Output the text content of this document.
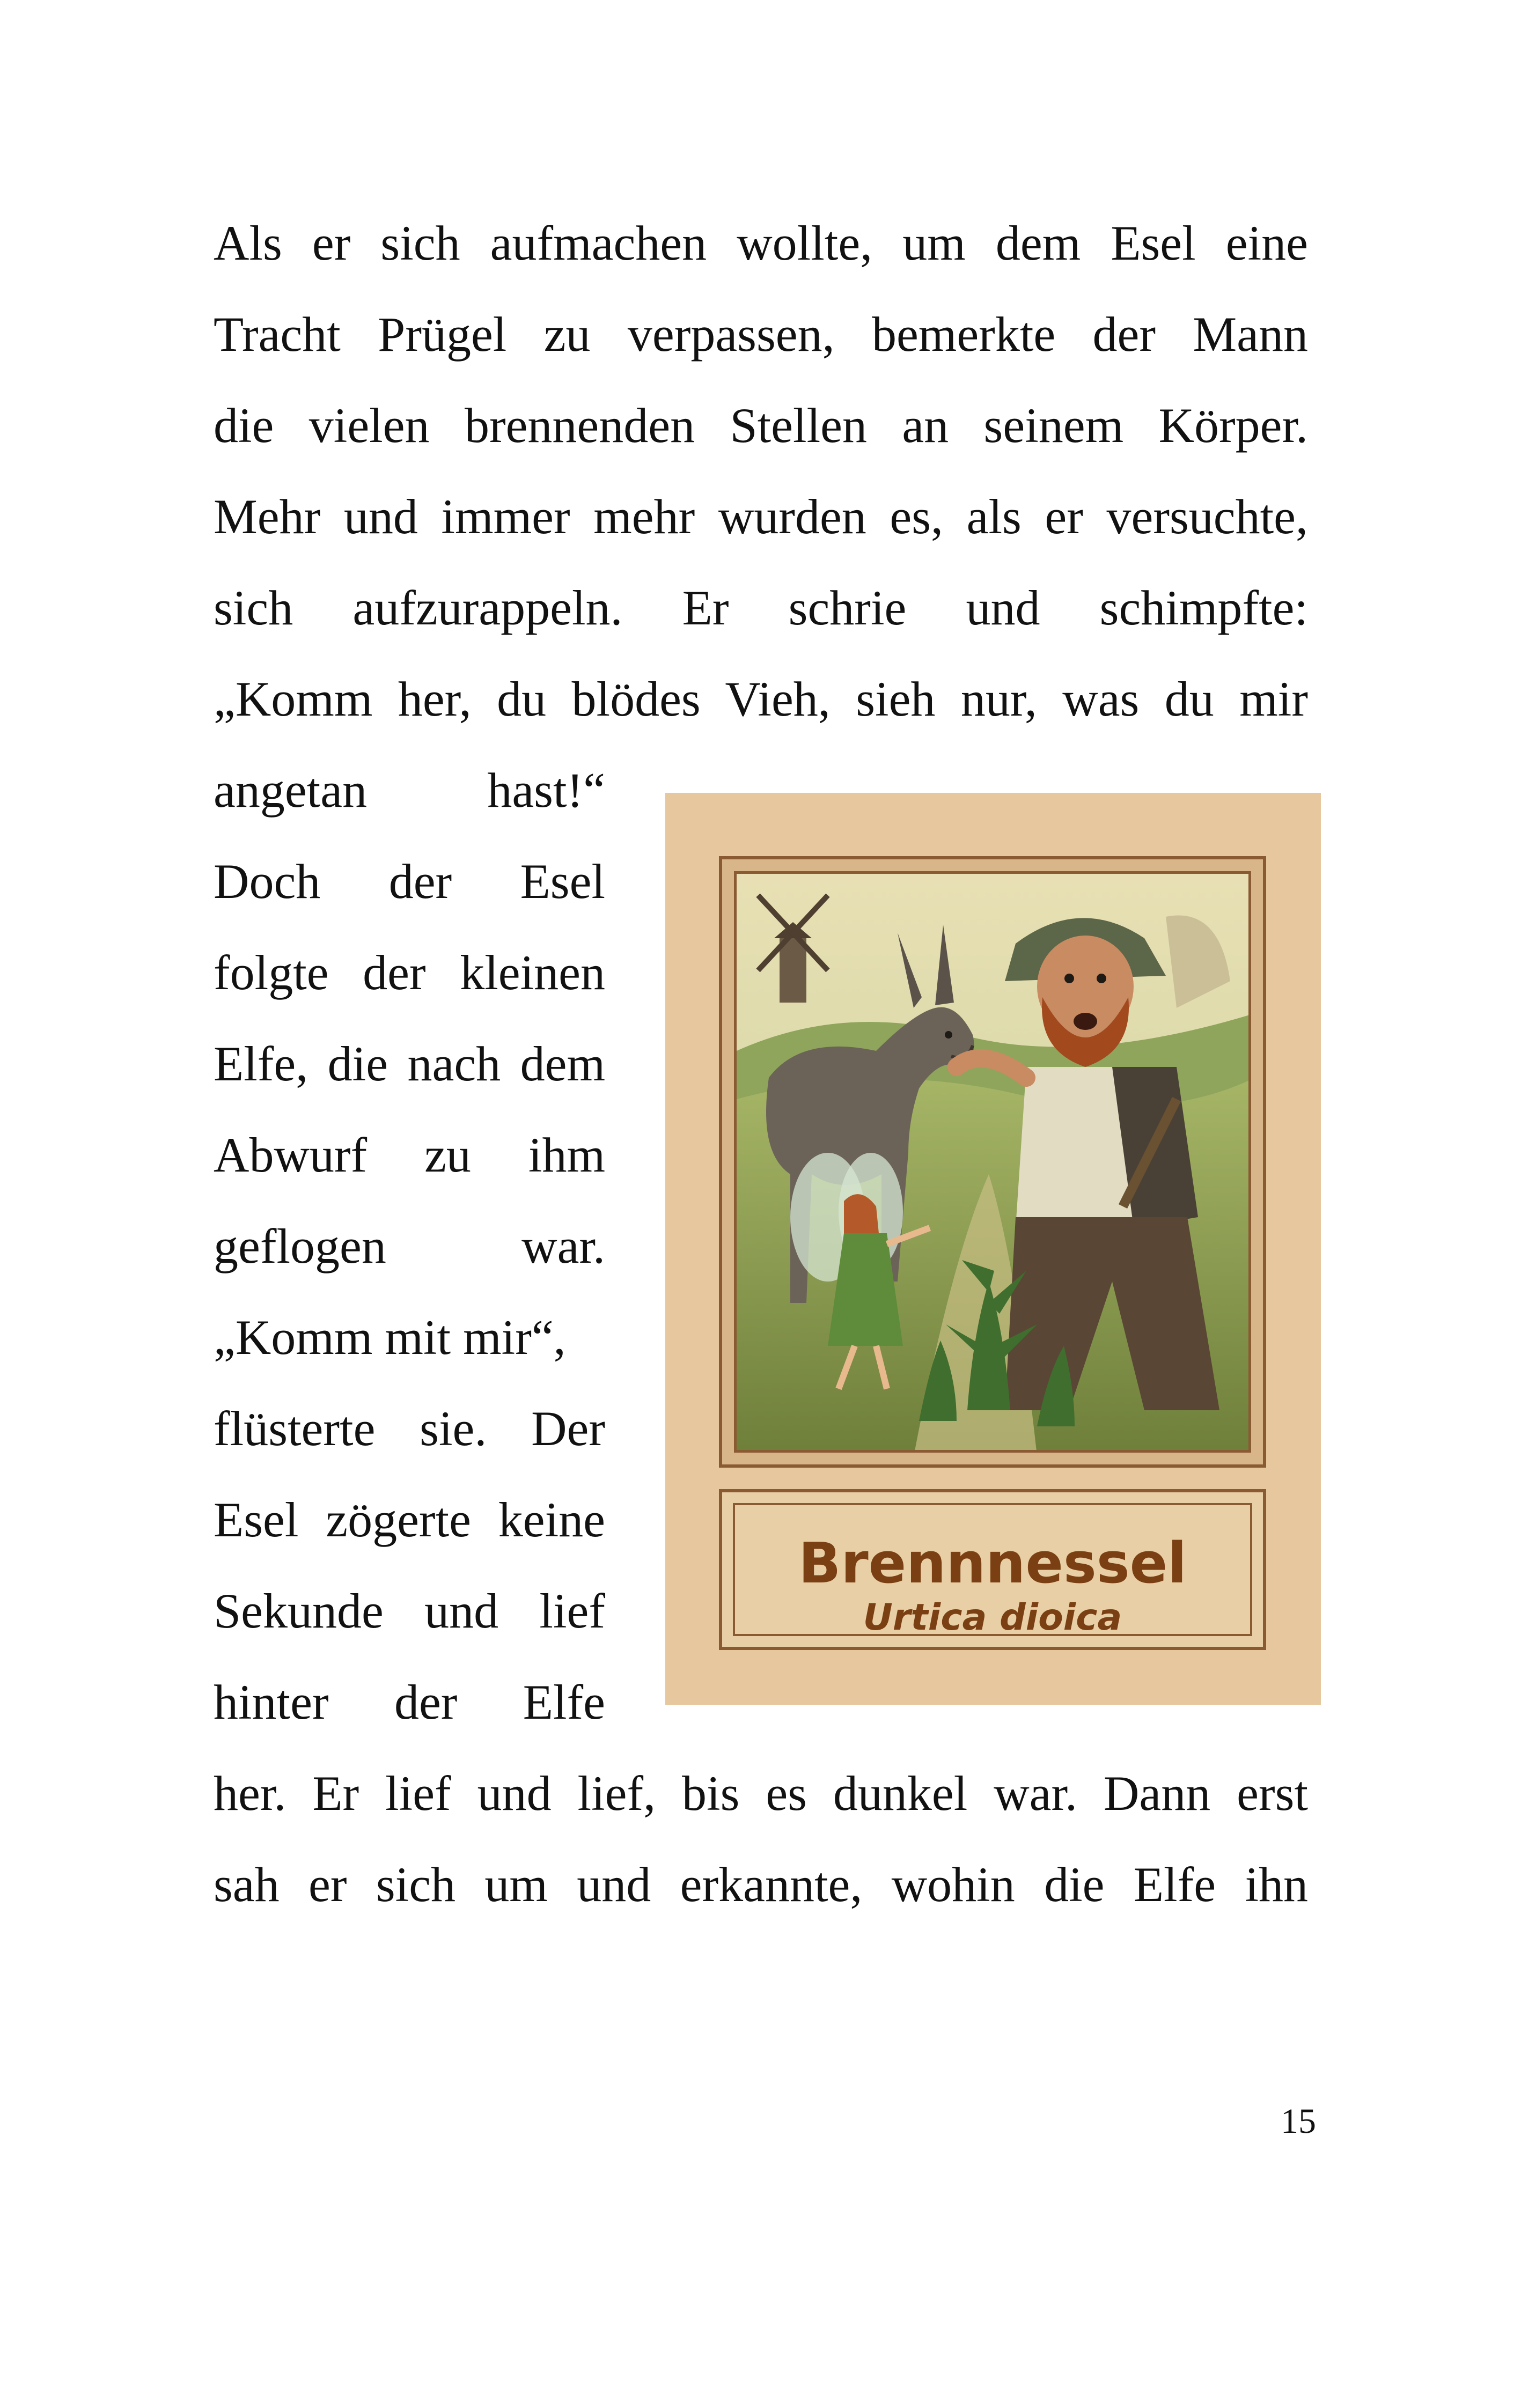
Als er sich aufmachen wollte, um dem Esel eine
Tracht Prügel zu verpassen, bemerkte der Mann
die vielen brennenden Stellen an seinem Körper.
Mehr und immer mehr wurden es, als er versuchte,
sich aufzurappeln. Er schrie und schimpfte:
„Komm her, du blödes Vieh, sieh nur, was du mir
angetan hast!“
Doch der Esel
folgte der kleinen
Elfe, die nach dem
Abwurf zu ihm
geflogen war.
„Komm mit mir“,
flüsterte sie. Der
Esel zögerte keine
Sekunde und lief
hinter der Elfe
her. Er lief und lief, bis es dunkel war. Dann erst
sah er sich um und erkannte, wohin die Elfe ihn
Brennnessel
Urtica dioica
15
